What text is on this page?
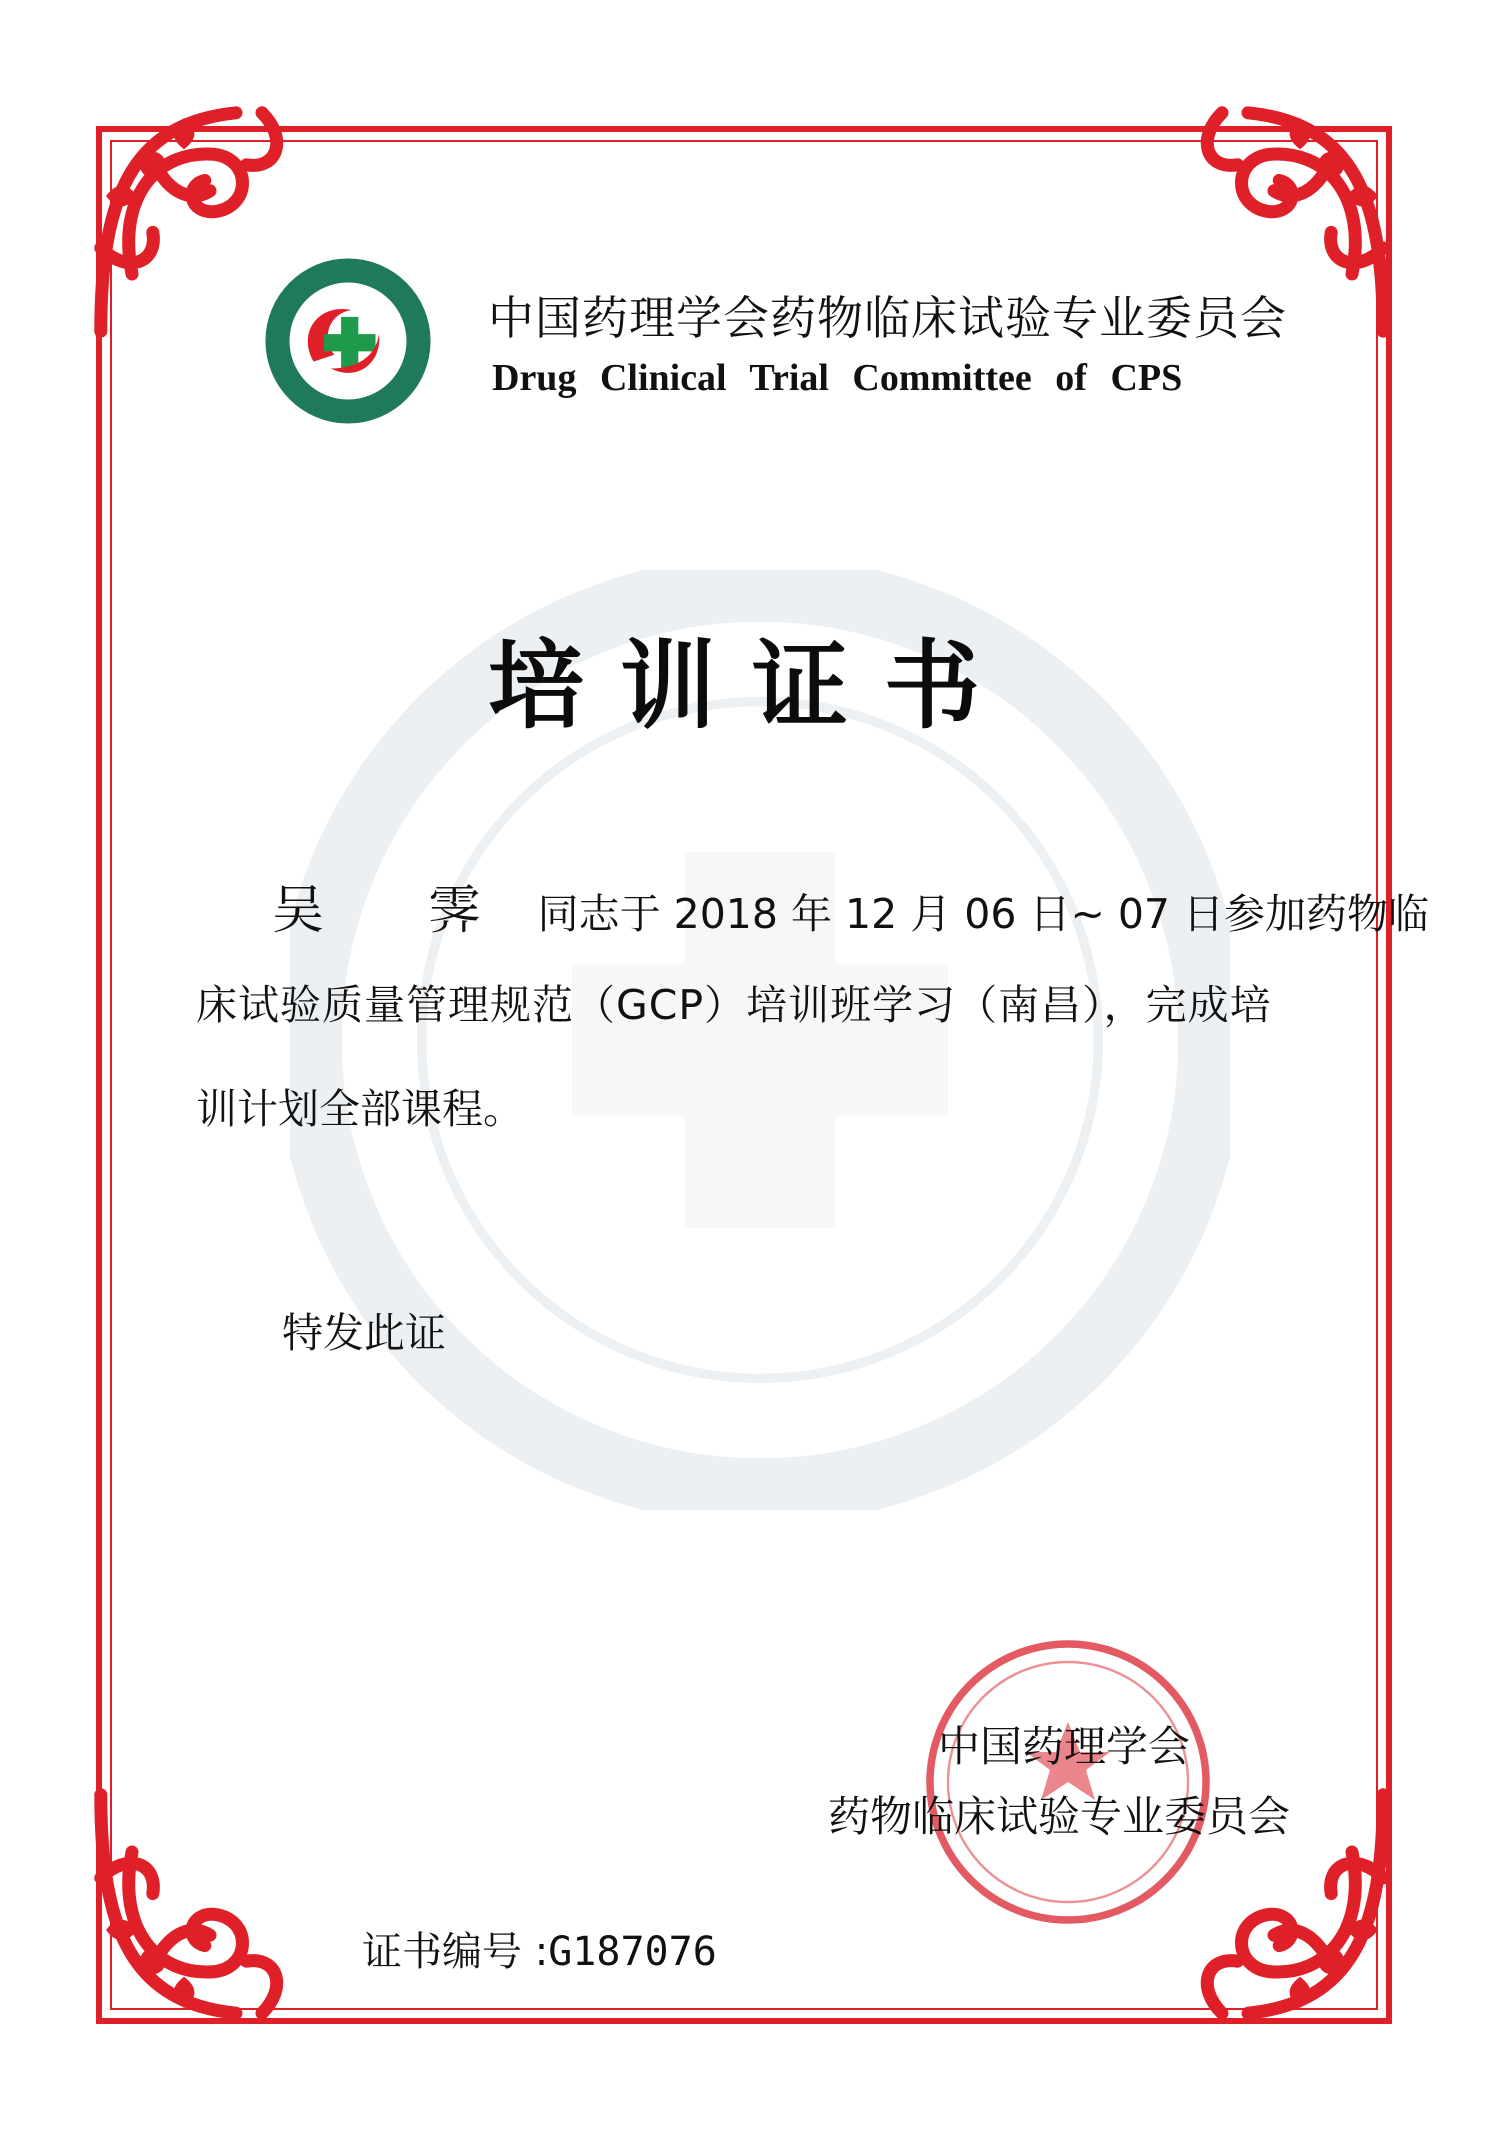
中国药理学会药物临床试验专业委员会
Drug Clinical Trial Committee of CPS
培训证书
吴 霁 同志于 2018 年 12 月 06 日~ 07 日参加药物临
床试验质量管理规范（GCP）培训班学习（南昌），完成培
训计划全部课程。
特发此证
中国药理学会
药物临床试验专业委员会
证书编号 :G187076
